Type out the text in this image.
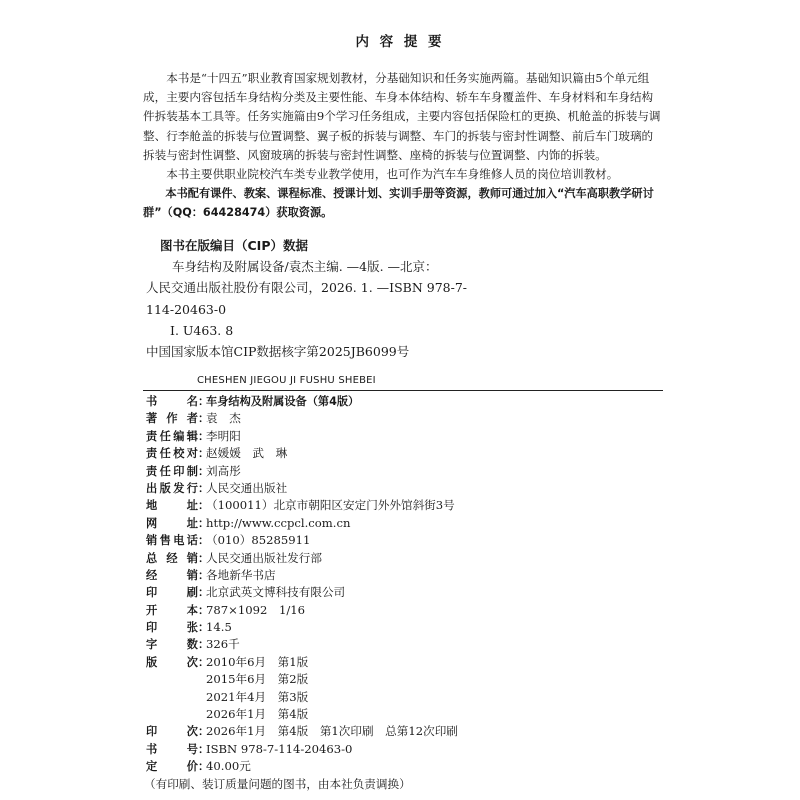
内 容 提 要

本书是“十四五”职业教育国家规划教材，分基础知识和任务实施两篇。基础知识篇由5个单元组成，主要内容包括车身结构分类及主要性能、车身本体结构、轿车车身覆盖件、车身材料和车身结构件拆装基本工具等。任务实施篇由9个学习任务组成，主要内容包括保险杠的更换、机舱盖的拆装与调整、行李舱盖的拆装与位置调整、翼子板的拆装与调整、车门的拆装与密封性调整、前后车门玻璃的拆装与密封性调整、风窗玻璃的拆装与密封性调整、座椅的拆装与位置调整、内饰的拆装。

本书主要供职业院校汽车类专业教学使用，也可作为汽车车身维修人员的岗位培训教材。

本书配有课件、教案、课程标准、授课计划、实训手册等资源，教师可通过加入“汽车高职教学研讨群”（QQ：64428474）获取资源。

图书在版编目（CIP）数据
车身结构及附属设备/袁杰主编. —4版. —北京：
人民交通出版社股份有限公司，2026. 1. —ISBN 978-7-
114-20463-0
Ⅰ. U463. 8
中国国家版本馆CIP数据核字第2025JB6099号
CHESHEN JIEGOU JI FUSHU SHEBEI
书名 ：
车身结构及附属设备（第4版）
著作者 ：
袁　杰
责任编辑 ：
李明阳
责任校对 ：
赵媛媛　武　琳
责任印制 ：
刘高彤
出版发行 ：
人民交通出版社
地址 ：
（100011）北京市朝阳区安定门外外馆斜街3号
网址 ：
http://www.ccpcl.com.cn
销售电话 ：
（010）85285911
总经销 ：
人民交通出版社发行部
经销 ：
各地新华书店
印刷 ：
北京武英文博科技有限公司
开本 ：
787×1092　1/16
印张 ：
14.5
字数 ：
326千
版次 ：
2010年6月　第1版
2015年6月　第2版
2021年4月　第3版
2026年1月　第4版
印次 ：
2026年1月　第4版　第1次印刷　总第12次印刷
书号 ：
ISBN 978-7-114-20463-0
定价 ：
40.00元
（有印刷、装订质量问题的图书，由本社负责调换）
